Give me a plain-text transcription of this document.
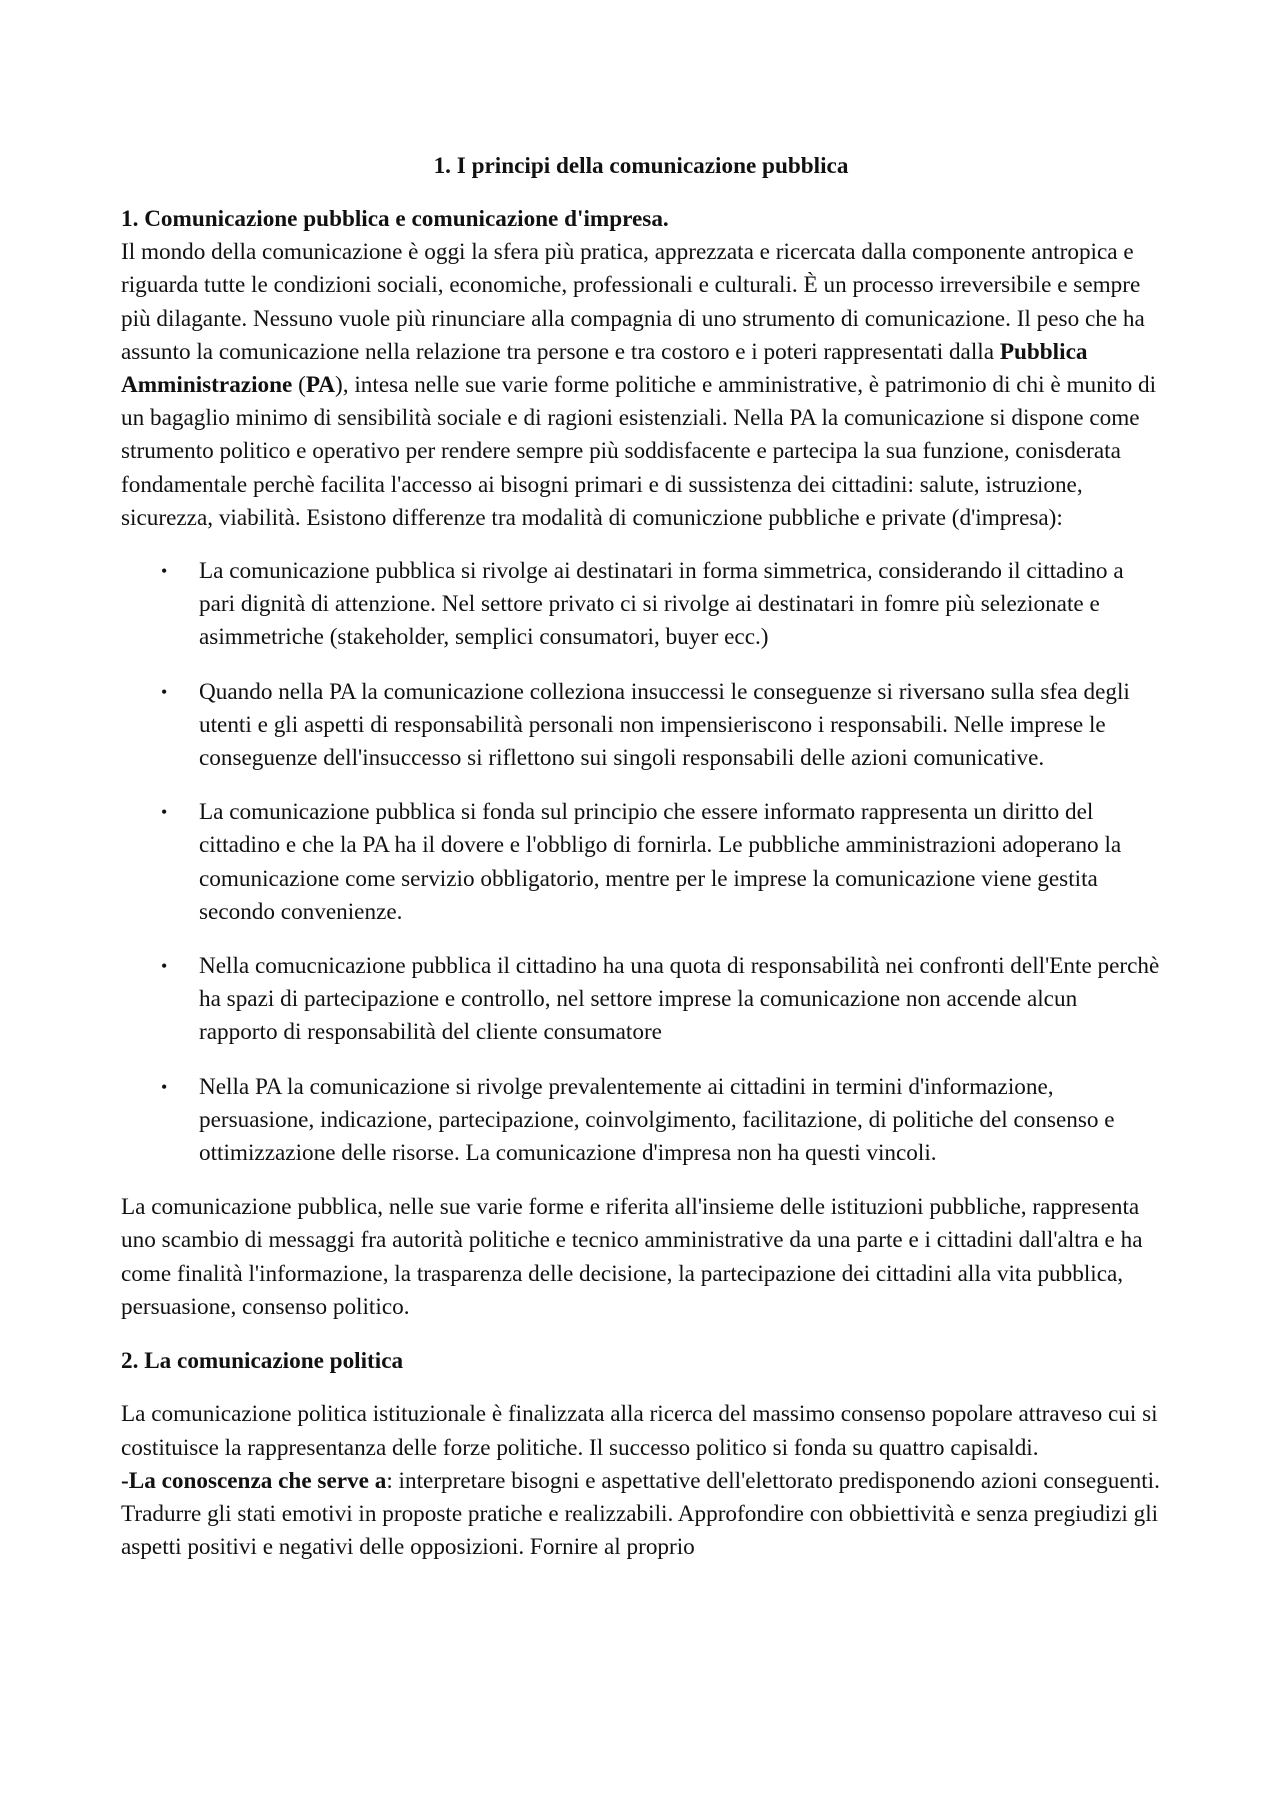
1. I principi della comunicazione pubblica
1. Comunicazione pubblica e comunicazione d'impresa.

Il mondo della comunicazione è oggi la sfera più pratica, apprezzata e ricercata dalla componente antropica e riguarda tutte le condizioni sociali, economiche, professionali e culturali. È un processo irreversibile e sempre più dilagante. Nessuno vuole più rinunciare alla compagnia di uno strumento di comunicazione. Il peso che ha assunto la comunicazione nella relazione tra persone e tra costoro e i poteri rappresentati dalla Pubblica Amministrazione (PA), intesa nelle sue varie forme politiche e amministrative, è patrimonio di chi è munito di un bagaglio minimo di sensibilità sociale e di ragioni esistenziali. Nella PA la comunicazione si dispone come strumento politico e operativo per rendere sempre più soddisfacente e partecipa la sua funzione, conisderata fondamentale perchè facilita l'accesso ai bisogni primari e di sussistenza dei cittadini: salute, istruzione, sicurezza, viabilità. Esistono differenze tra modalità di comuniczione pubbliche e private (d'impresa):

• La comunicazione pubblica si rivolge ai destinatari in forma simmetrica, considerando il cittadino a pari dignità di attenzione. Nel settore privato ci si rivolge ai destinatari in fomre più selezionate e asimmetriche (stakeholder, semplici consumatori, buyer ecc.)
• Quando nella PA la comunicazione colleziona insuccessi le conseguenze si riversano sulla sfea degli utenti e gli aspetti di responsabilità personali non impensieriscono i responsabili. Nelle imprese le conseguenze dell'insuccesso si riflettono sui singoli responsabili delle azioni comunicative.
• La comunicazione pubblica si fonda sul principio che essere informato rappresenta un diritto del cittadino e che la PA ha il dovere e l'obbligo di fornirla. Le pubbliche amministrazioni adoperano la comunicazione come servizio obbligatorio, mentre per le imprese la comunicazione viene gestita secondo convenienze.
• Nella comucnicazione pubblica il cittadino ha una quota di responsabilità nei confronti dell'Ente perchè ha spazi di partecipazione e controllo, nel settore imprese la comunicazione non accende alcun rapporto di responsabilità del cliente consumatore
• Nella PA la comunicazione si rivolge prevalentemente ai cittadini in termini d'informazione, persuasione, indicazione, partecipazione, coinvolgimento, facilitazione, di politiche del consenso e ottimizzazione delle risorse. La comunicazione d'impresa non ha questi vincoli.

La comunicazione pubblica, nelle sue varie forme e riferita all'insieme delle istituzioni pubbliche, rappresenta uno scambio di messaggi fra autorità politiche e tecnico amministrative da una parte e i cittadini dall'altra e ha come finalità l'informazione, la trasparenza delle decisione, la partecipazione dei cittadini alla vita pubblica, persuasione, consenso politico.

2. La comunicazione politica

La comunicazione politica istituzionale è finalizzata alla ricerca del massimo consenso popolare attraveso cui si costituisce la rappresentanza delle forze politiche. Il successo politico si fonda su quattro capisaldi.

-La conoscenza che serve a: interpretare bisogni e aspettative dell'elettorato predisponendo azioni conseguenti. Tradurre gli stati emotivi in proposte pratiche e realizzabili. Approfondire con obbiettività e senza pregiudizi gli aspetti positivi e negativi delle opposizioni. Fornire al proprio
